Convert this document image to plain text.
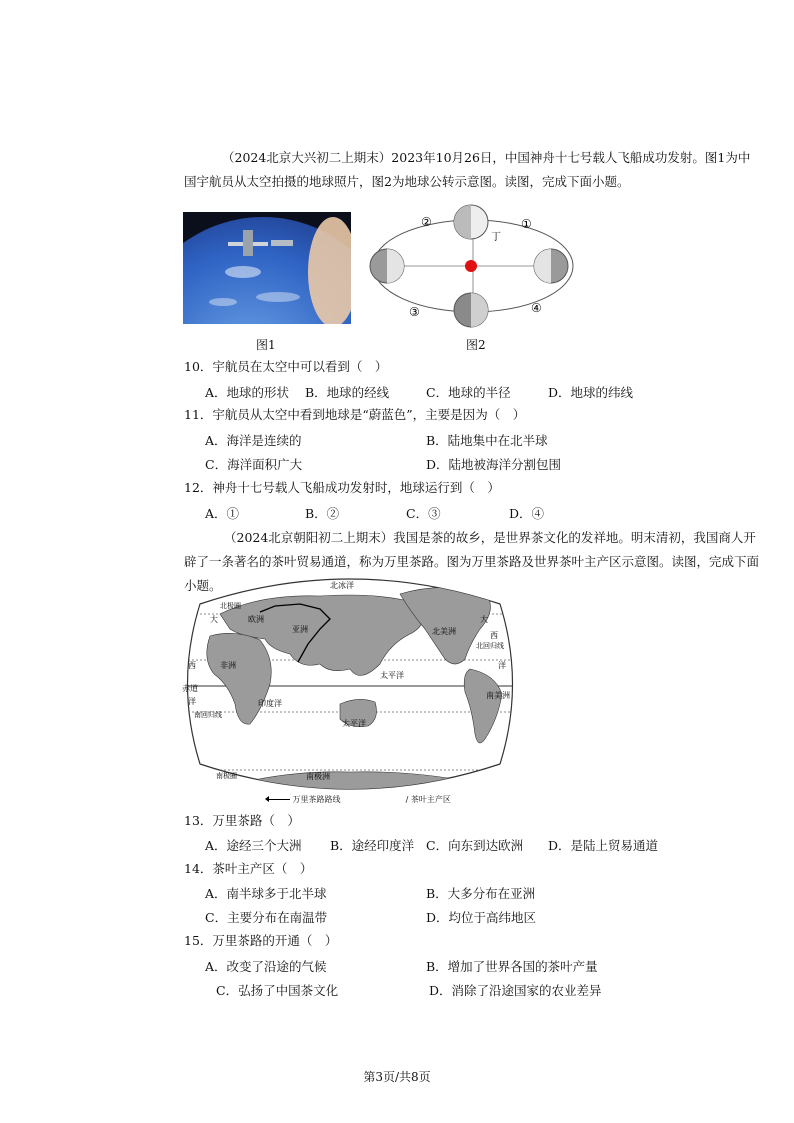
（2024北京大兴初二上期末）2023年10月26日，中国神舟十七号载人飞船成功发射。图1为中国宇航员从太空拍摄的地球照片，图2为地球公转示意图。读图，完成下面小题。
图1
②	①
丁
③	④
图2
10．宇航员在太空中可以看到（　）
A．地球的形状 B．地球的经线	C．地球的半径	D．地球的纬线
11．宇航员从太空中看到地球是“蔚蓝色”，主要是因为（　）
A．海洋是连续的	B．陆地集中在北半球
C．海洋面积广大	D．陆地被海洋分割包围
12．神舟十七号载人飞船成功发射时，地球运行到（　）
A．①	B．②	C．③	D．④
（2024北京朝阳初二上期末）我国是茶的故乡，是世界茶文化的发祥地。明末清初，我国商人开辟了一条著名的茶叶贸易通道，称为万里茶路。图为万里茶路及世界茶叶主产区示意图。读图，完成下面小题。	北冰洋
北极圈
大	欧洲
亚洲
西	非洲
赤道
洋
南回归线
印度洋
太平洋
太平洋
北美洲
大
西
北回归线
洋
南美洲
南极洲
南极圈
万里茶路路线	∕ 茶叶主产区
13．万里茶路（　）
A．途经三个大洲 B．途经印度洋 C．向东到达欧洲 D．是陆上贸易通道
14．茶叶主产区（　）
A．南半球多于北半球	B．大多分布在亚洲
C．主要分布在南温带	D．均位于高纬地区
15．万里茶路的开通（　）
A．改变了沿途的气候	B．增加了世界各国的茶叶产量
C．弘扬了中国茶文化	D．消除了沿途国家的农业差异
第3页/共8页
